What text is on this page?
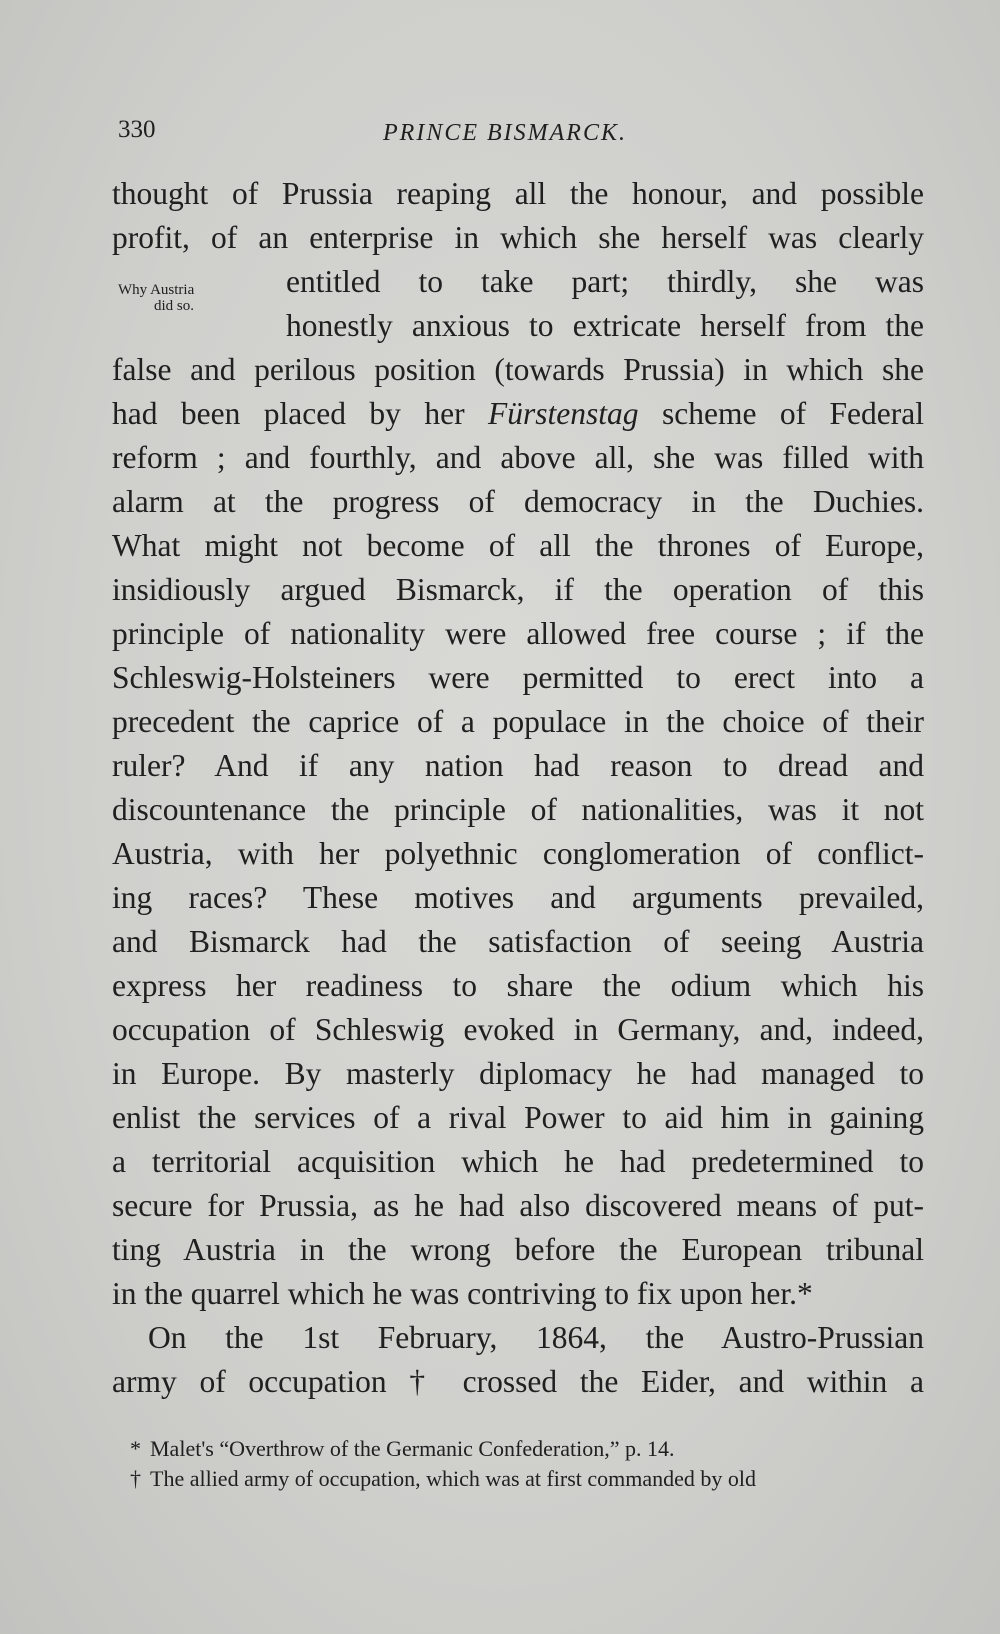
330	PRINCE BISMARCK.
Why Austria
did so.
thought of Prussia reaping all the honour, and possible
profit, of an enterprise in which she herself was clearly
entitled to take part; thirdly, she was
honestly anxious to extricate herself from the
false and perilous position (towards Prussia) in which she
had been placed by her Fürstenstag scheme of Federal
reform ; and fourthly, and above all, she was filled with
alarm at the progress of democracy in the Duchies.
What might not become of all the thrones of Europe,
insidiously argued Bismarck, if the operation of this
principle of nationality were allowed free course ; if the
Schleswig-Holsteiners were permitted to erect into a
precedent the caprice of a populace in the choice of their
ruler? And if any nation had reason to dread and
discountenance the principle of nationalities, was it not
Austria, with her polyethnic conglomeration of conflict-
ing races? These motives and arguments prevailed,
and Bismarck had the satisfaction of seeing Austria
express her readiness to share the odium which his
occupation of Schleswig evoked in Germany, and, indeed,
in Europe. By masterly diplomacy he had managed to
enlist the services of a rival Power to aid him in gaining
a territorial acquisition which he had predetermined to
secure for Prussia, as he had also discovered means of put-
ting Austria in the wrong before the European tribunal
in the quarrel which he was contriving to fix upon her.*
On the 1st February, 1864, the Austro-Prussian
army of occupation † crossed the Eider, and within a
* Malet's “Overthrow of the Germanic Confederation,” p. 14.
† The allied army of occupation, which was at first commanded by old
